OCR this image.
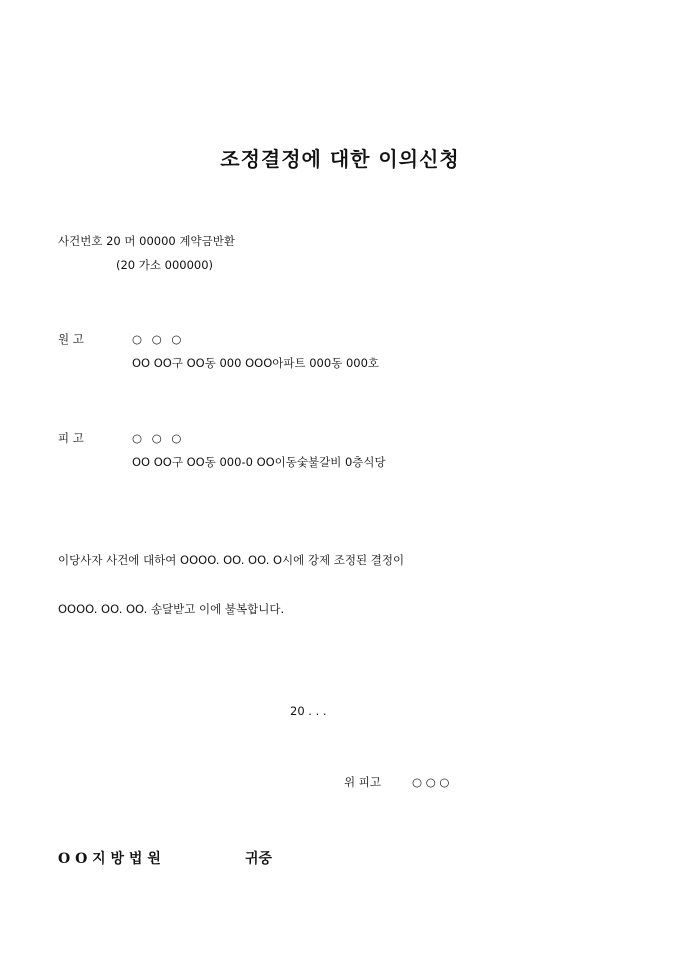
조정결정에 대한 이의신청
사건번호 20 머 00000 계약금반환
(20 가소 000000)
원 고	○ ○ ○
OO OO구 OO동 000 OOO아파트 000동 000호
피 고	○ ○ ○
OO OO구 OO동 000-0 OO이동숯불갈비 0층식당
이당사자 사건에 대하여 OOOO. OO. OO. O시에 강제 조정된 결정이
OOOO. OO. OO. 송달받고 이에 불복합니다.
20 . . .
위 피고	○ ○ ○
O O 지 방 법 원	귀중
